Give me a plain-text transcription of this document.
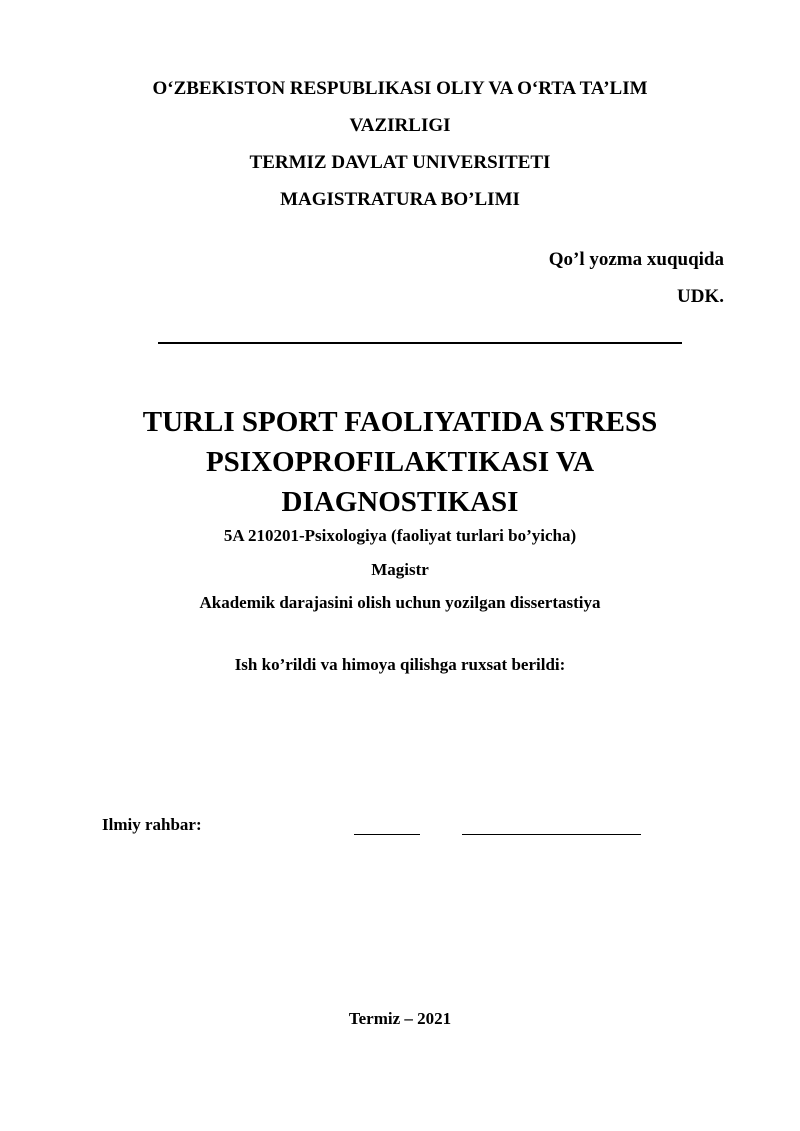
O‘ZBEKISTON RESPUBLIKASI OLIY VA O‘RTA TA’LIM
VAZIRLIGI
TERMIZ DAVLAT UNIVERSITETI
MAGISTRATURA BO’LIMI
Qo’l yozma xuquqida
UDK.
TURLI SPORT FAOLIYATIDA STRESS
PSIXOPROFILAKTIKASI VA
DIAGNOSTIKASI
5A 210201-Psixologiya (faoliyat turlari bo’yicha)
Magistr
Akademik darajasini olish uchun yozilgan dissertastiya
Ish ko’rildi va himoya qilishga ruxsat berildi:
Ilmiy rahbar:
Termiz – 2021
